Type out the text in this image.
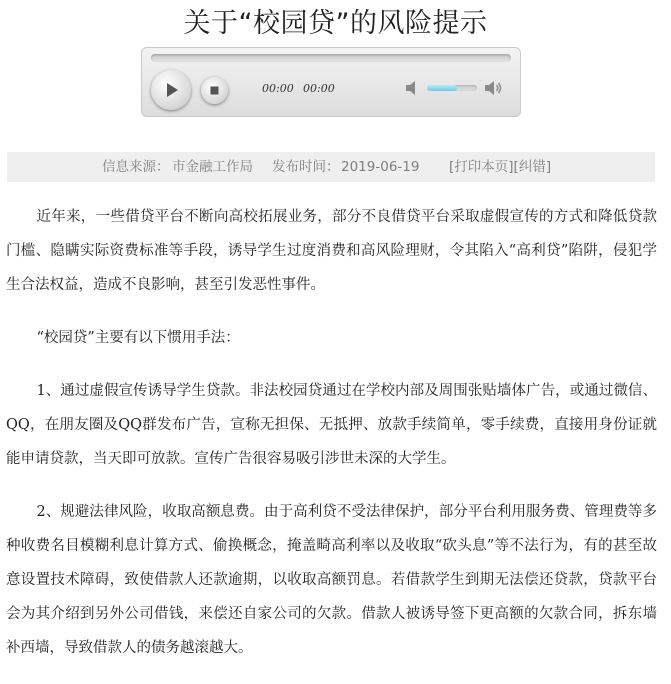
关于“校园贷”的风险提示
00:00 00:00
信息来源： 市金融工作局 发布时间： 2019-06-19 [打印本页][纠错]

近年来，一些借贷平台不断向高校拓展业务，部分不良借贷平台采取虚假宣传的方式和降低贷款门槛、隐瞒实际资费标准等手段，诱导学生过度消费和高风险理财，令其陷入“高利贷”陷阱，侵犯学生合法权益，造成不良影响，甚至引发恶性事件。

“校园贷”主要有以下惯用手法：

1、通过虚假宣传诱导学生贷款。非法校园贷通过在学校内部及周围张贴墙体广告，或通过微信、QQ，在朋友圈及QQ群发布广告，宣称无担保、无抵押、放款手续简单，零手续费，直接用身份证就能申请贷款，当天即可放款。宣传广告很容易吸引涉世未深的大学生。

2、规避法律风险，收取高额息费。由于高利贷不受法律保护，部分平台利用服务费、管理费等多种收费名目模糊利息计算方式、偷换概念，掩盖畸高利率以及收取“砍头息”等不法行为，有的甚至故意设置技术障碍，致使借款人还款逾期，以收取高额罚息。若借款学生到期无法偿还贷款，贷款平台会为其介绍到另外公司借钱，来偿还自家公司的欠款。借款人被诱导签下更高额的欠款合同，拆东墙补西墙，导致借款人的债务越滚越大。
